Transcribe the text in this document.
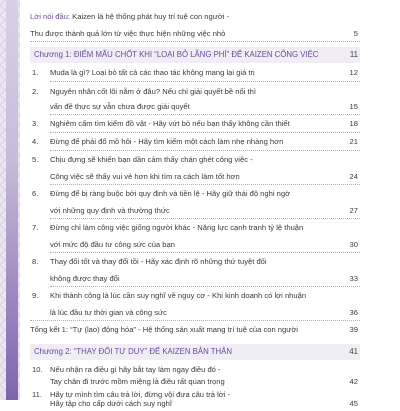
Lời nói đầu: Kaizen là hệ thống phát huy trí tuệ con người -
Thu được thành quả lớn từ việc thực hiện những việc nhỏ	5
Chương 1: ĐIỂM MẤU CHỐT KHI “LOẠI BỎ LÃNG PHÍ” ĐỂ KAIZEN CÔNG VIỆC	11
1.	Muda là gì? Loại bỏ tất cả các thao tác không mang lại giá trị	12
2.	Nguyên nhân cốt lõi nằm ở đâu? Nếu chỉ giải quyết bề nổi thì
vấn đề thực sự vẫn chưa được giải quyết	15
3.	Nghiêm cấm tìm kiếm đồ vật - Hãy vứt bỏ nếu bạn thấy không cần thiết	18
4.	Đừng để phải đổ mồ hôi - Hãy tìm kiếm một cách làm nhẹ nhàng hơn	21
5.	Chịu đựng sẽ khiến bạn dần cảm thấy chán ghét công việc -
Công việc sẽ thấy vui vẻ hơn khi tìm ra cách làm tốt hơn	24
6.	Đừng để bị ràng buộc bởi quy định và tiền lệ - Hãy giữ thái độ nghi ngờ
với những quy định và thường thức	27
7.	Đừng chỉ làm công việc giống người khác - Năng lực cạnh tranh tỷ lệ thuận
với mức độ đầu tư công sức của bạn	30
8.	Thay đổi tốt và thay đổi tồi - Hãy xác định rõ những thứ tuyệt đối
không được thay đổi	33
9.	Khi thành công là lúc cần suy nghĩ về nguy cơ - Khi kinh doanh có lợi nhuận
là lúc đầu tư thời gian và công sức	36
Tổng kết 1: “Tự (lao) động hóa” - Hệ thống sản xuất mang trí tuệ của con người	39
Chương 2: “THAY ĐỔI TƯ DUY” ĐỂ KAIZEN BẢN THÂN	41
10. Nếu nhận ra điều gì hãy bắt tay làm ngay điều đó -
Tay chân đi trước mồm miệng là điều rất quan trọng	42
11.	Hãy tự mình tìm câu trả lời, đừng vội đưa câu trả lời -
Hãy tập cho cấp dưới cách suy nghĩ	45
